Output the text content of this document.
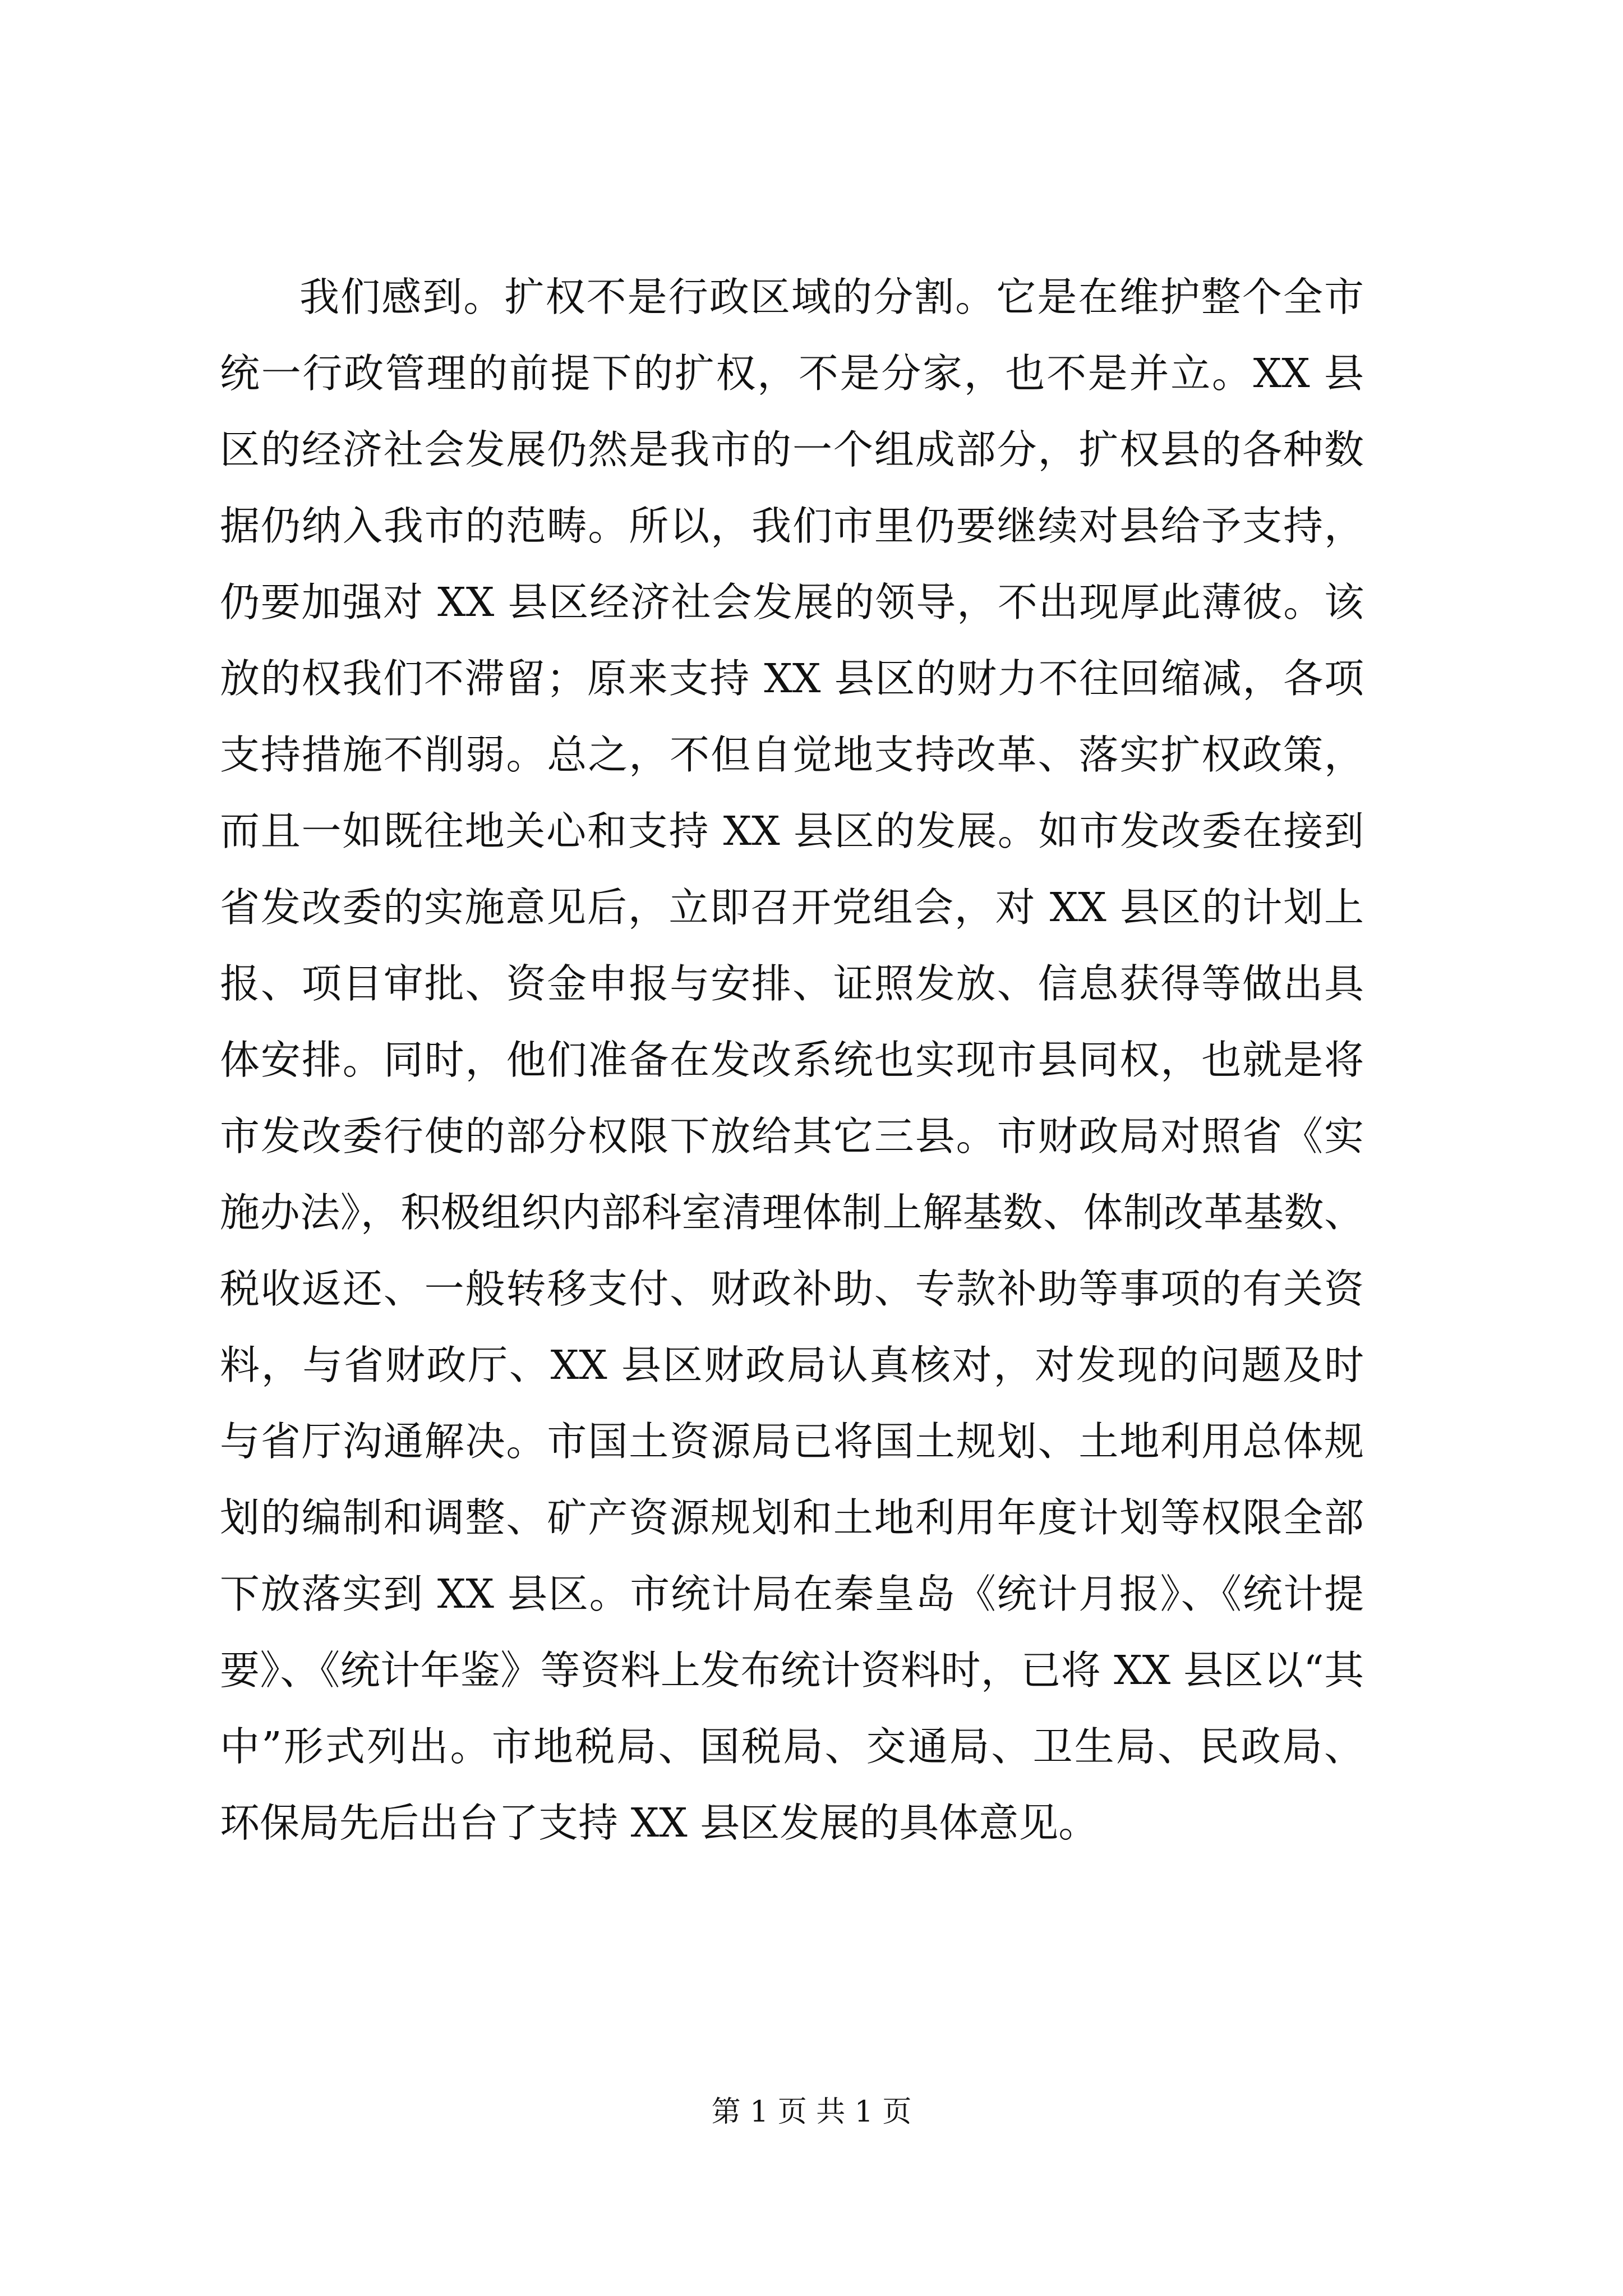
我们感到。扩权不是行政区域的分割。它是在维护整个全市
统一行政管理的前提下的扩权，不是分家，也不是并立。XX 县
区的经济社会发展仍然是我市的一个组成部分，扩权县的各种数
据仍纳入我市的范畴。所以，我们市里仍要继续对县给予支持，
仍要加强对 XX 县区经济社会发展的领导，不出现厚此薄彼。该
放的权我们不滞留；原来支持 XX 县区的财力不往回缩减，各项
支持措施不削弱。总之，不但自觉地支持改革、落实扩权政策，
而且一如既往地关心和支持 XX 县区的发展。如市发改委在接到
省发改委的实施意见后，立即召开党组会，对 XX 县区的计划上
报、项目审批、资金申报与安排、证照发放、信息获得等做出具
体安排。同时，他们准备在发改系统也实现市县同权，也就是将
市发改委行使的部分权限下放给其它三县。市财政局对照省《实
施办法》，积极组织内部科室清理体制上解基数、体制改革基数、
税收返还、一般转移支付、财政补助、专款补助等事项的有关资
料，与省财政厅、XX 县区财政局认真核对，对发现的问题及时
与省厅沟通解决。市国土资源局已将国土规划、土地利用总体规
划的编制和调整、矿产资源规划和土地利用年度计划等权限全部
下放落实到 XX 县区。市统计局在秦皇岛《统计月报》、《统计提
要》、《统计年鉴》等资料上发布统计资料时，已将 XX 县区以“其
中”形式列出。市地税局、国税局、交通局、卫生局、民政局、
环保局先后出台了支持 XX 县区发展的具体意见。
第 1 页 共 1 页
